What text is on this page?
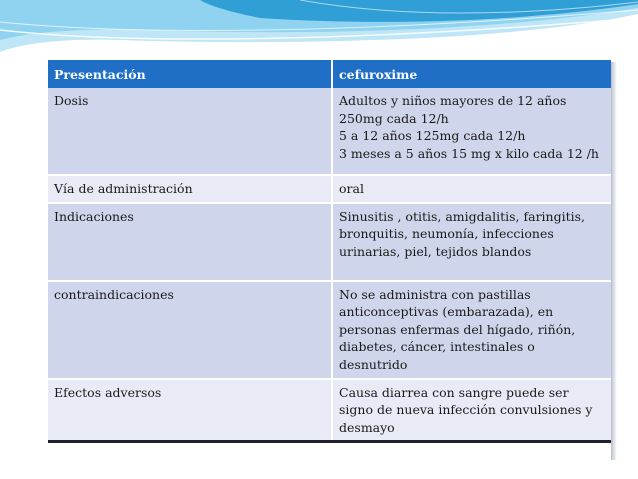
Presentación	cefuroxime
Dosis	Adultos y niños mayores de 12 años
250mg cada 12/h
5 a 12 años 125mg cada 12/h
3 meses a 5 años 15 mg x kilo cada 12 /h

Vía de administración	oral
Indicaciones	Sinusitis , otitis, amigdalitis, faringitis, bronquitis, neumonía, infecciones urinarias, piel, tejidos blandos
contraindicaciones	No se administra con pastillas anticonceptivas (embarazada), en personas enfermas del hígado, riñón, diabetes, cáncer, intestinales o desnutrido
Efectos adversos	Causa diarrea con sangre puede ser signo de nueva infección convulsiones y desmayo
